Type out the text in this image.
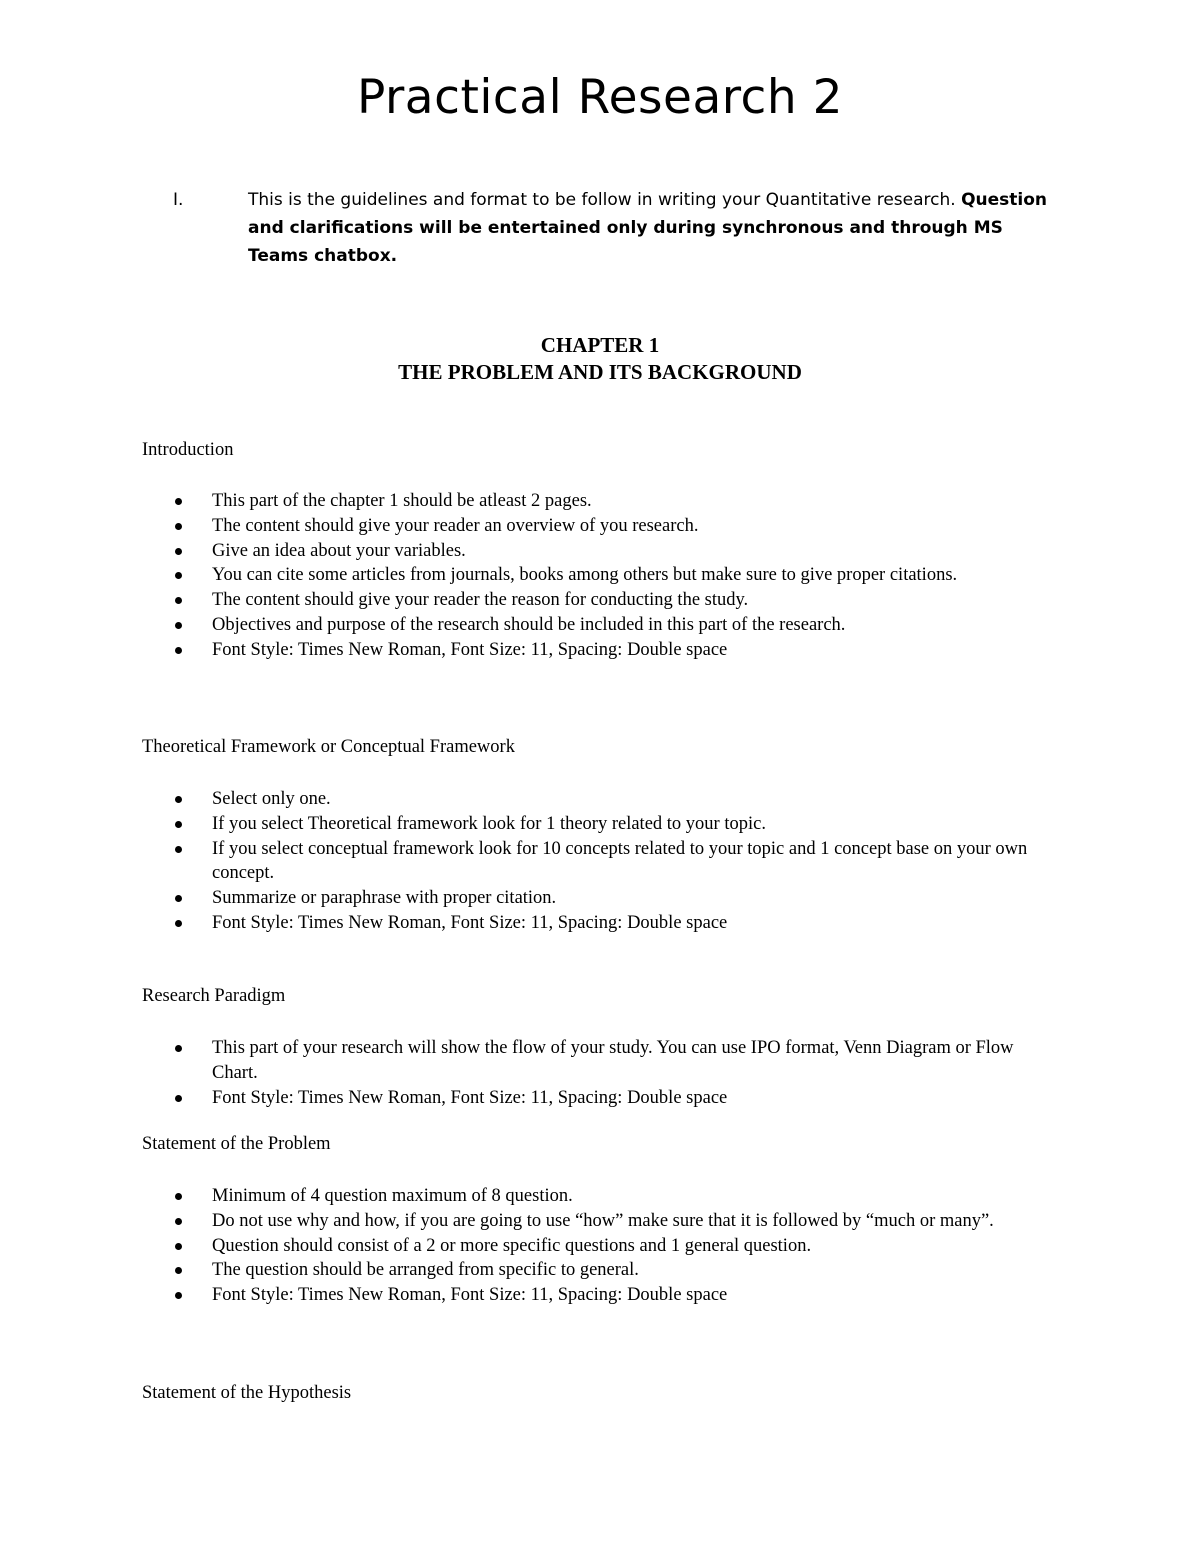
Practical Research 2
I.	This is the guidelines and format to be follow in writing your Quantitative research. Question and clarifications will be entertained only during synchronous and through MS Teams chatbox.
CHAPTER 1
THE PROBLEM AND ITS BACKGROUND

Introduction

This part of the chapter 1 should be atleast 2 pages.
The content should give your reader an overview of you research.
Give an idea about your variables.
You can cite some articles from journals, books among others but make sure to give proper citations.
The content should give your reader the reason for conducting the study.
Objectives and purpose of the research should be included in this part of the research.
Font Style: Times New Roman, Font Size: 11, Spacing: Double space

Theoretical Framework or Conceptual Framework

Select only one.
If you select Theoretical framework look for 1 theory related to your topic.
If you select conceptual framework look for 10 concepts related to your topic and 1 concept base on your own concept.
Summarize or paraphrase with proper citation.
Font Style: Times New Roman, Font Size: 11, Spacing: Double space

Research Paradigm

This part of your research will show the flow of your study. You can use IPO format, Venn Diagram or Flow Chart.
Font Style: Times New Roman, Font Size: 11, Spacing: Double space

Statement of the Problem

Minimum of 4 question maximum of 8 question.
Do not use why and how, if you are going to use “how” make sure that it is followed by “much or many”.
Question should consist of a 2 or more specific questions and 1 general question.
The question should be arranged from specific to general.
Font Style: Times New Roman, Font Size: 11, Spacing: Double space

Statement of the Hypothesis
